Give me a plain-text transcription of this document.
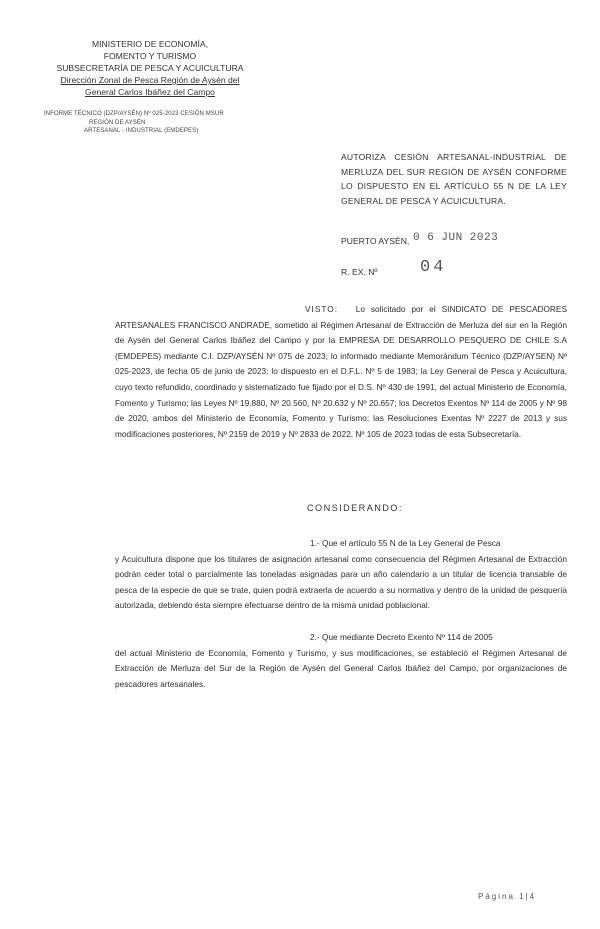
MINISTERIO DE ECONOMÍA,
FOMENTO Y TURISMO
SUBSECRETARÍA DE PESCA Y ACUICULTURA
Dirección Zonal de Pesca Región de Aysén del
General Carlos Ibáñez del Campo
INFORME TÉCNICO (DZP/AYSÉN) Nº 025-2023 CESIÓN MSUR
REGIÓN DE AYSÉN
ARTESANAL - INDUSTRIAL (EMDEPES)
AUTORIZA CESIÓN ARTESANAL-INDUSTRIAL DE MERLUZA DEL SUR REGIÓN DE AYSÉN CONFORME LO DISPUESTO EN EL ARTÍCULO 55 N DE LA LEY GENERAL DE PESCA Y ACUICULTURA.
PUERTO AYSÉN, 0 6 JUN 2023
R. EX. Nº 04
VISTO: Lo solicitado por el SINDICATO DE PESCADORES ARTESANALES FRANCISCO ANDRADE, sometido al Régimen Artesanal de Extracción de Merluza del sur en la Región de Aysén del General Carlos Ibáñez del Campo y por la EMPRESA DE DESARROLLO PESQUERO DE CHILE S.A (EMDEPES) mediante C.I. DZP/AYSÉN Nº 075 de 2023; lo informado mediante Memorándum Técnico (DZP/AYSEN) Nº 025-2023, de fecha 05 de junio de 2023; lo dispuesto en el D.F.L. Nº 5 de 1983; la Ley General de Pesca y Acuicultura, cuyo texto refundido, coordinado y sistematizado fue fijado por el D.S. Nº 430 de 1991, del actual Ministerio de Economía, Fomento y Turismo; las Leyes Nº 19.880, Nº 20.560, Nº 20.632 y Nº 20.657; los Decretos Exentos Nº 114 de 2005 y Nº 98 de 2020, ambos del Ministerio de Economía, Fomento y Turismo; las Resoluciones Exentas Nº 2227 de 2013 y sus modificaciones posteriores, Nº 2159 de 2019 y Nº 2833 de 2022, Nº 105 de 2023 todas de esta Subsecretaría.
CONSIDERANDO:
1.- Que el artículo 55 N de la Ley General de Pesca
y Acuicultura dispone que los titulares de asignación artesanal como consecuencia del Régimen Artesanal de Extracción podrán ceder total o parcialmente las toneladas asignadas para un año calendario a un titular de licencia transable de pesca de la especie de que se trate, quien podrá extraerla de acuerdo a su normativa y dentro de la unidad de pesquería autorizada, debiendo ésta siempre efectuarse dentro de la misma unidad poblacional.
2.- Que mediante Decreto Exento Nº 114 de 2005
del actual Ministerio de Economía, Fomento y Turismo, y sus modificaciones, se estableció el Régimen Artesanal de Extracción de Merluza del Sur de la Región de Aysén del General Carlos Ibáñez del Campo, por organizaciones de pescadores artesanales.
Página 1|4
